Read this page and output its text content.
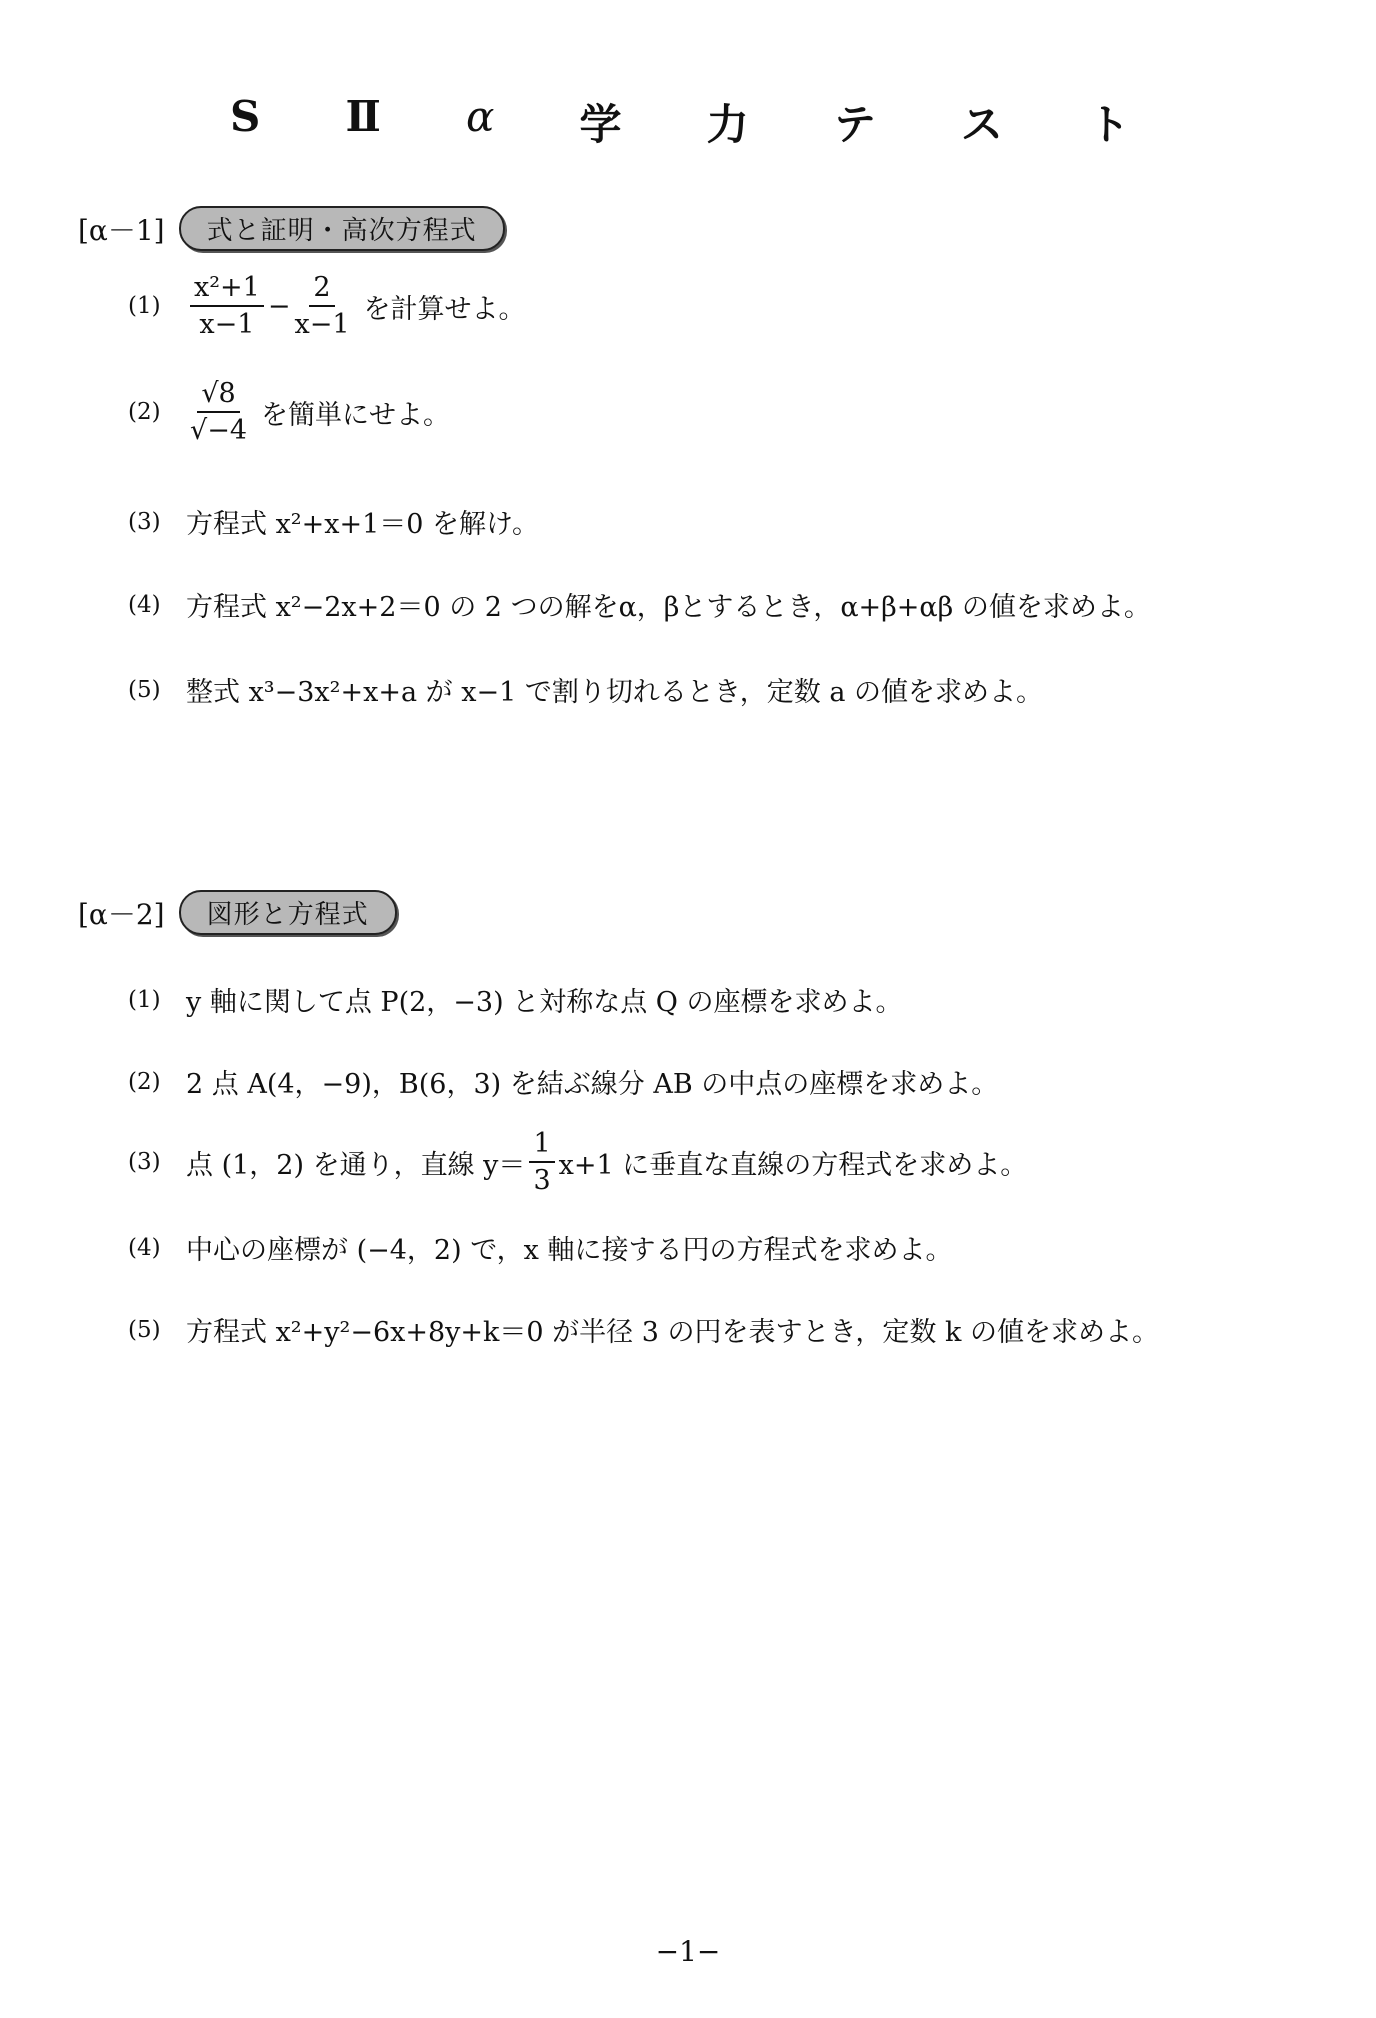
S Ⅱ α 学 力 テ ス ト
[α－1]	式と証明・高次方程式
(1)	$\frac{\text{x²+1}}{x-1} - \frac{2}{x-1}$ を計算せよ。
(2)	$\frac{√8}{√-4}$ を簡単にせよ。
(3) 方程式 x²+x+1＝0 を解け。
(4) 方程式 x²−2x+2＝0 の 2 つの解をα，βとするとき，α+β+αβ の値を求めよ。
(5) 整式 x³−3x²+x+a が x−1 で割り切れるとき，定数 a の値を求めよ。
[α－2]	図形と方程式
(1) y 軸に関して点 P(2，−3) と対称な点 Q の座標を求めよ。
(2) 2 点 A(4，−9)，B(6，3) を結ぶ線分 AB の中点の座標を求めよ。
(3) 点 (1，2) を通り，直線 $y= \frac{1}{3} x+1$ に垂直な直線の方程式を求めよ。
(4) 中心の座標が (−4，2) で，x 軸に接する円の方程式を求めよ。
(5) 方程式 x²+y²−6x+8y+k＝0 が半径 3 の円を表すとき，定数 k の値を求めよ。
−1−
